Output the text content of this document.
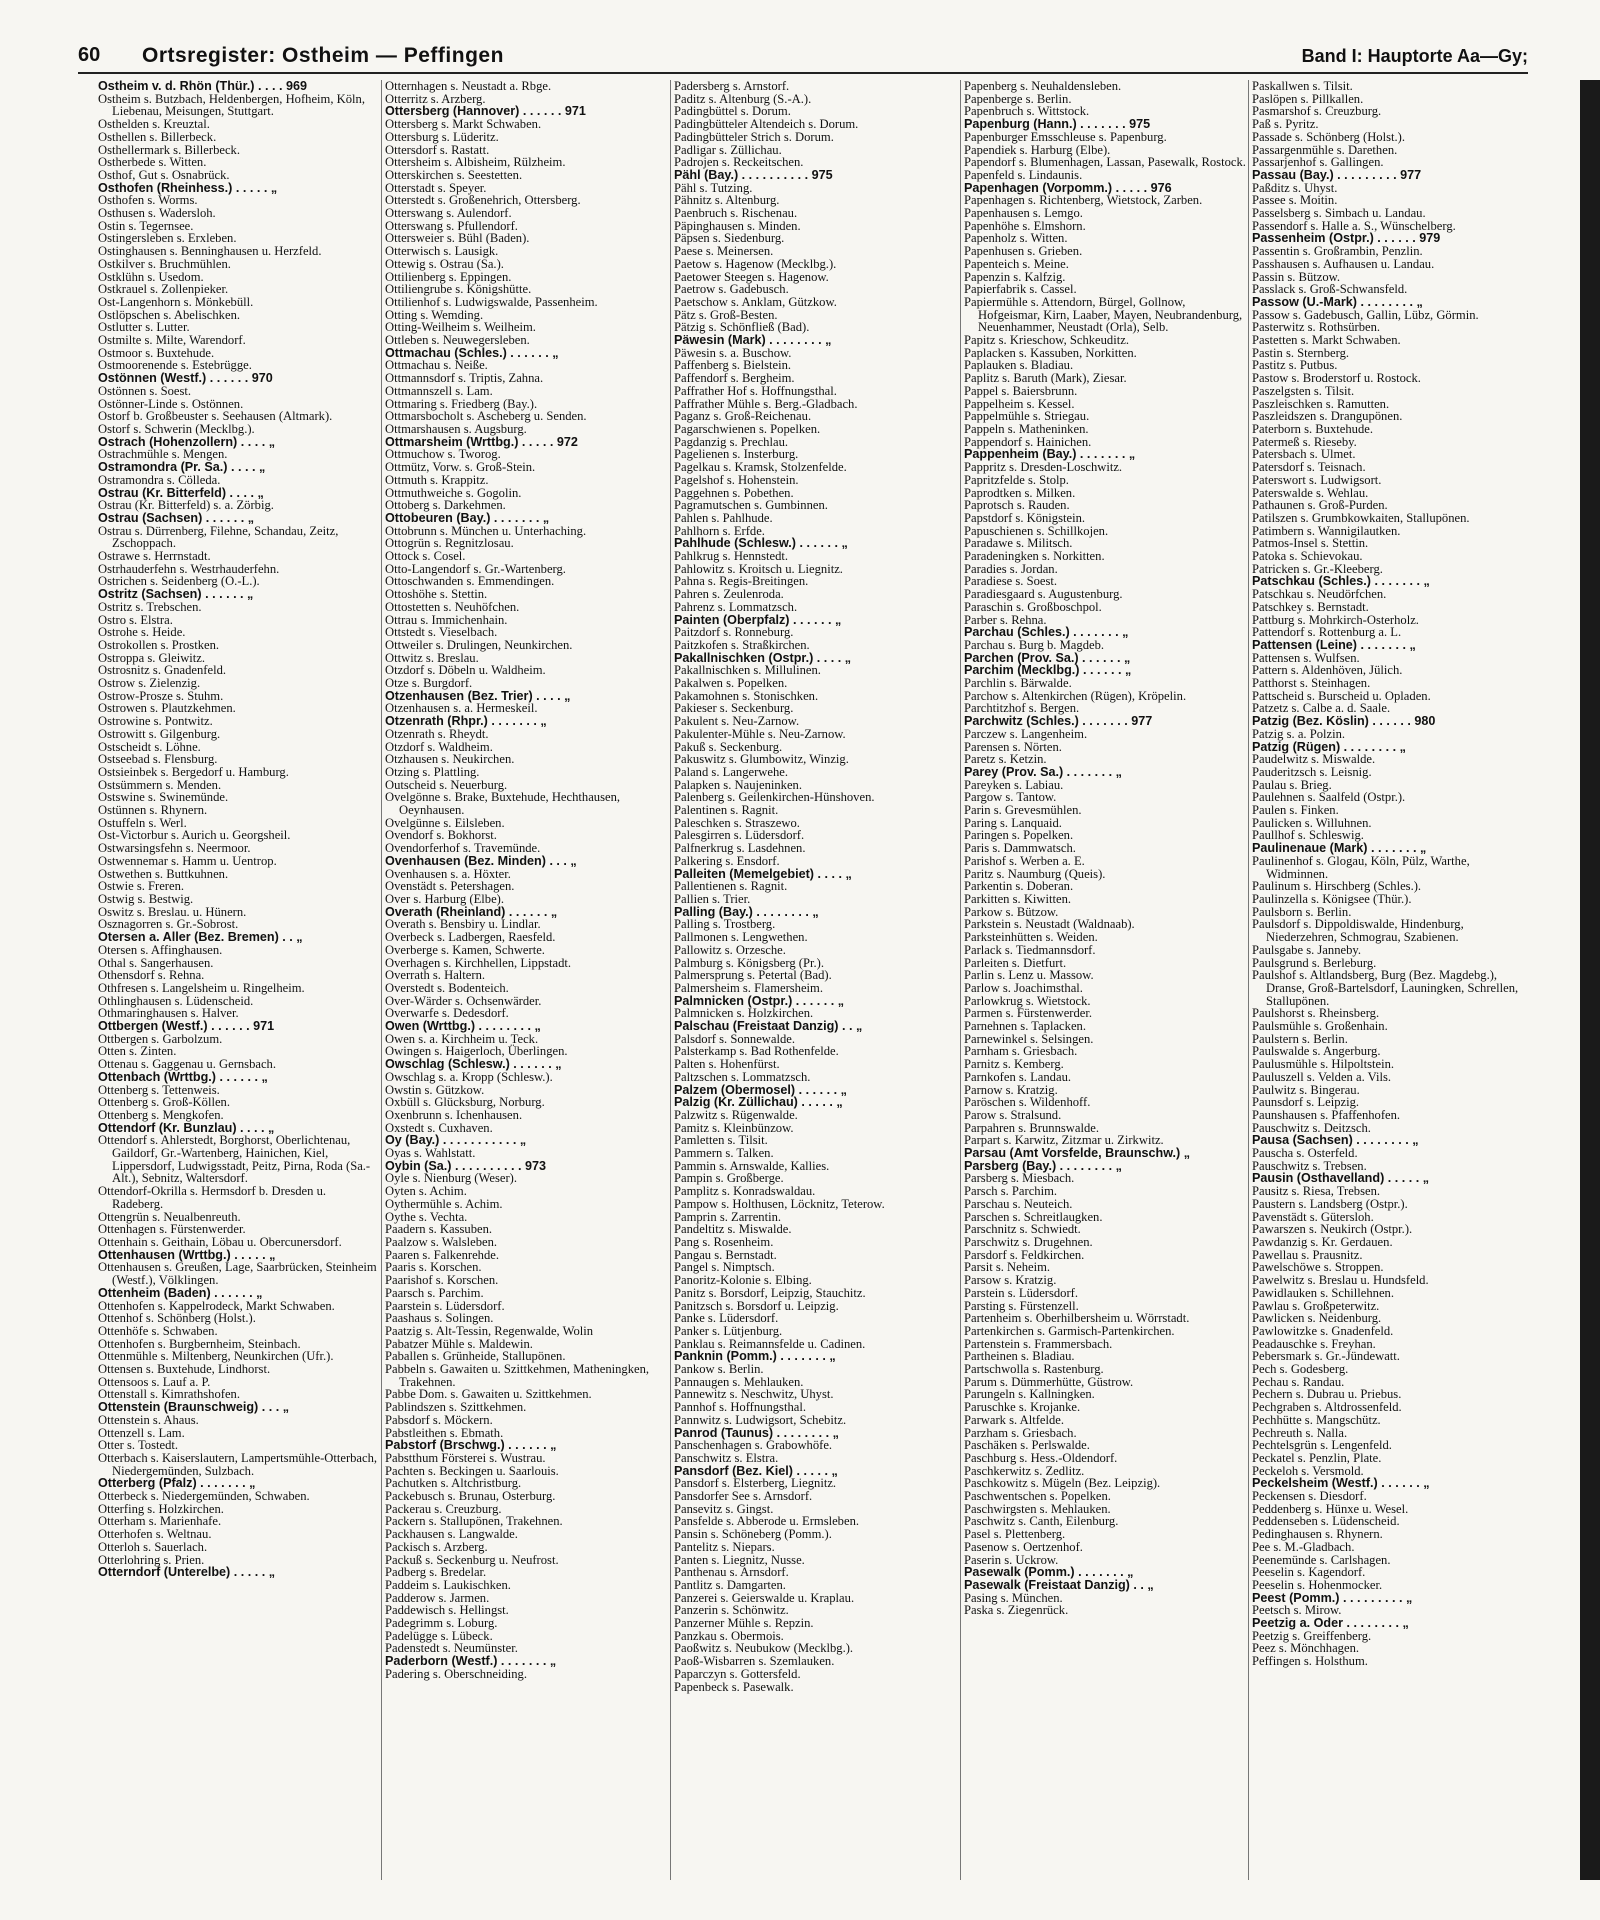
60 Ortsregister: Ostheim — Peffingen	Band I: Hauptorte Aa—Gy;
Ostheim v. d. Rhön (Thür.) . . . . 969
Ostheim s. Butzbach, Heldenbergen, Hofheim, Köln, Liebenau, Meisungen, Stuttgart.
Osthelden s. Kreuztal.
Osthellen s. Billerbeck.
Osthellermark s. Billerbeck.
Ostherbede s. Witten.
Osthof, Gut s. Osnabrück.
Osthofen (Rheinhess.) . . . . . „
Osthofen s. Worms.
Osthusen s. Wadersloh.
Ostin s. Tegernsee.
Ostingersleben s. Erxleben.
Ostinghausen s. Benninghausen u. Herzfeld.
Ostkilver s. Bruchmühlen.
Ostklühn s. Usedom.
Ostkrauel s. Zollenpieker.
Ost-Langenhorn s. Mönkebüll.
Ostlöpschen s. Abelischken.
Ostlutter s. Lutter.
Ostmilte s. Milte, Warendorf.
Ostmoor s. Buxtehude.
Ostmoorenende s. Estebrügge.
Ostönnen (Westf.) . . . . . . 970
Ostönnen s. Soest.
Ostönner-Linde s. Ostönnen.
Ostorf b. Großbeuster s. Seehausen (Altmark).
Ostorf s. Schwerin (Mecklbg.).
Ostrach (Hohenzollern) . . . . „
Ostrachmühle s. Mengen.
Ostramondra (Pr. Sa.) . . . . „
Ostramondra s. Cölleda.
Ostrau (Kr. Bitterfeld) . . . . „
Ostrau (Kr. Bitterfeld) s. a. Zörbig.
Ostrau (Sachsen) . . . . . . „
Ostrau s. Dürrenberg, Filehne, Schandau, Zeitz, Zschoppach.
Ostrawe s. Herrnstadt.
Ostrhauderfehn s. Westrhauderfehn.
Ostrichen s. Seidenberg (O.-L.).
Ostritz (Sachsen) . . . . . . „
Ostritz s. Trebschen.
Ostro s. Elstra.
Ostrohe s. Heide.
Ostrokollen s. Prostken.
Ostroppa s. Gleiwitz.
Ostrosnitz s. Gnadenfeld.
Ostrow s. Zielenzig.
Ostrow-Prosze s. Stuhm.
Ostrowen s. Plautzkehmen.
Ostrowine s. Pontwitz.
Ostrowitt s. Gilgenburg.
Ostscheidt s. Löhne.
Ostseebad s. Flensburg.
Ostsieinbek s. Bergedorf u. Hamburg.
Ostsümmern s. Menden.
Ostswine s. Swinemünde.
Ostünnen s. Rhynern.
Ostuffeln s. Werl.
Ost-Victorbur s. Aurich u. Georgsheil.
Ostwarsingsfehn s. Neermoor.
Ostwennemar s. Hamm u. Uentrop.
Ostwethen s. Buttkuhnen.
Ostwie s. Freren.
Ostwig s. Bestwig.
Oswitz s. Breslau. u. Hünern.
Osznagorren s. Gr.-Sobrost.
Otersen a. Aller (Bez. Bremen) . . „
Otersen s. Affinghausen.
Othal s. Sangerhausen.
Othensdorf s. Rehna.
Othfresen s. Langelsheim u. Ringelheim.
Othlinghausen s. Lüdenscheid.
Othmaringhausen s. Halver.
Ottbergen (Westf.) . . . . . . 971
Ottbergen s. Garbolzum.
Otten s. Zinten.
Ottenau s. Gaggenau u. Gernsbach.
Ottenbach (Wrttbg.) . . . . . . „
Ottenberg s. Tettenweis.
Ottenberg s. Groß-Köllen.
Ottenberg s. Mengkofen.
Ottendorf (Kr. Bunzlau) . . . . „
Ottendorf s. Ahlerstedt, Borghorst, Oberlichtenau, Gaildorf, Gr.-Wartenberg, Hainichen, Kiel, Lippersdorf, Ludwigsstadt, Peitz, Pirna, Roda (Sa.-Alt.), Sebnitz, Waltersdorf.
Ottendorf-Okrilla s. Hermsdorf b. Dresden u. Radeberg.
Ottengrün s. Neualbenreuth.
Ottenhagen s. Fürstenwerder.
Ottenhain s. Geithain, Löbau u. Obercunersdorf.
Ottenhausen (Wrttbg.) . . . . . „
Ottenhausen s. Greußen, Lage, Saarbrücken, Steinheim (Westf.), Völklingen.
Ottenheim (Baden) . . . . . . „
Ottenhofen s. Kappelrodeck, Markt Schwaben.
Ottenhof s. Schönberg (Holst.).
Ottenhöfe s. Schwaben.
Ottenhofen s. Burgbernheim, Steinbach.
Ottenmühle s. Miltenberg, Neunkirchen (Ufr.).
Ottensen s. Buxtehude, Lindhorst.
Ottensoos s. Lauf a. P.
Ottenstall s. Kimrathshofen.
Ottenstein (Braunschweig) . . . „
Ottenstein s. Ahaus.
Ottenzell s. Lam.
Otter s. Tostedt.
Otterbach s. Kaiserslautern, Lampertsmühle-Otterbach, Niedergemünden, Sulzbach.
Otterberg (Pfalz) . . . . . . . „
Otterbeck s. Niedergemünden, Schwaben.
Otterfing s. Holzkirchen.
Otterham s. Marienhafe.
Otterhofen s. Weltnau.
Otterloh s. Sauerlach.
Otterlohring s. Prien.
Otterndorf (Unterelbe) . . . . . „
Otternhagen s. Neustadt a. Rbge.
Otterritz s. Arzberg.
Ottersberg (Hannover) . . . . . . 971
Ottersberg s. Markt Schwaben.
Ottersburg s. Lüderitz.
Ottersdorf s. Rastatt.
Ottersheim s. Albisheim, Rülzheim.
Otterskirchen s. Seestetten.
Otterstadt s. Speyer.
Otterstedt s. Großenehrich, Ottersberg.
Otterswang s. Aulendorf.
Otterswang s. Pfullendorf.
Ottersweier s. Bühl (Baden).
Otterwisch s. Lausigk.
Ottewig s. Ostrau (Sa.).
Ottilienberg s. Eppingen.
Ottiliengrube s. Königshütte.
Ottilienhof s. Ludwigswalde, Passenheim.
Otting s. Wemding.
Otting-Weilheim s. Weilheim.
Ottleben s. Neuwegersleben.
Ottmachau (Schles.) . . . . . . „
Ottmachau s. Neiße.
Ottmannsdorf s. Triptis, Zahna.
Ottmannszell s. Lam.
Ottmaring s. Friedberg (Bay.).
Ottmarsbocholt s. Ascheberg u. Senden.
Ottmarshausen s. Augsburg.
Ottmarsheim (Wrttbg.) . . . . . 972
Ottmuchow s. Tworog.
Ottmütz, Vorw. s. Groß-Stein.
Ottmuth s. Krappitz.
Ottmuthweiche s. Gogolin.
Ottoberg s. Darkehmen.
Ottobeuren (Bay.) . . . . . . . „
Ottobrunn s. München u. Unterhaching.
Ottogrün s. Regnitzlosau.
Ottock s. Cosel.
Otto-Langendorf s. Gr.-Wartenberg.
Ottoschwanden s. Emmendingen.
Ottoshöhe s. Stettin.
Ottostetten s. Neuhöfchen.
Ottrau s. Immichenhain.
Ottstedt s. Vieselbach.
Ottweiler s. Drulingen, Neunkirchen.
Ottwitz s. Breslau.
Otzdorf s. Döbeln u. Waldheim.
Otze s. Burgdorf.
Otzenhausen (Bez. Trier) . . . . „
Otzenhausen s. a. Hermeskeil.
Otzenrath (Rhpr.) . . . . . . . „
Otzenrath s. Rheydt.
Otzdorf s. Waldheim.
Otzhausen s. Neukirchen.
Otzing s. Plattling.
Outscheid s. Neuerburg.
Ovelgönne s. Brake, Buxtehude, Hechthausen, Oeynhausen.
Ovelgünne s. Eilsleben.
Ovendorf s. Bokhorst.
Ovendorferhof s. Travemünde.
Ovenhausen (Bez. Minden) . . . „
Ovenhausen s. a. Höxter.
Ovenstädt s. Petershagen.
Over s. Harburg (Elbe).
Overath (Rheinland) . . . . . . „
Overath s. Bensbiry u. Lindlar.
Overbeck s. Ladbergen, Raesfeld.
Overberge s. Kamen, Schwerte.
Overhagen s. Kirchhellen, Lippstadt.
Overrath s. Haltern.
Overstedt s. Bodenteich.
Over-Wärder s. Ochsenwärder.
Overwarfe s. Dedesdorf.
Owen (Wrttbg.) . . . . . . . . „
Owen s. a. Kirchheim u. Teck.
Owingen s. Haigerloch, Überlingen.
Owschlag (Schlesw.) . . . . . . „
Owschlag s. a. Kropp (Schlesw.).
Owstin s. Gützkow.
Oxbüll s. Glücksburg, Norburg.
Oxenbrunn s. Ichenhausen.
Oxstedt s. Cuxhaven.
Oy (Bay.) . . . . . . . . . . . „
Oyas s. Wahlstatt.
Oybin (Sa.) . . . . . . . . . . 973
Oyle s. Nienburg (Weser).
Oyten s. Achim.
Oythermühle s. Achim.
Oythe s. Vechta.
Paadern s. Kassuben.
Paalzow s. Walsleben.
Paaren s. Falkenrehde.
Paaris s. Korschen.
Paarishof s. Korschen.
Paarsch s. Parchim.
Paarstein s. Lüdersdorf.
Paashaus s. Solingen.
Paatzig s. Alt-Tessin, Regenwalde, Wolin
Pabatzer Mühle s. Maldewin.
Paballen s. Grünheide, Stallupönen.
Pabbeln s. Gawaiten u. Szittkehmen, Matheningken, Trakehnen.
Pabbe Dom. s. Gawaiten u. Szittkehmen.
Pablindszen s. Szittkehmen.
Pabsdorf s. Möckern.
Pabstleithen s. Ebmath.
Pabstorf (Brschwg.) . . . . . . „
Pabstthum Försterei s. Wustrau.
Pachten s. Beckingen u. Saarlouis.
Pachutken s. Altchristburg.
Packebusch s. Brunau, Osterburg.
Packerau s. Creuzburg.
Packern s. Stallupönen, Trakehnen.
Packhausen s. Langwalde.
Packisch s. Arzberg.
Packuß s. Seckenburg u. Neufrost.
Padberg s. Bredelar.
Paddeim s. Laukischken.
Padderow s. Jarmen.
Paddewisch s. Hellingst.
Padegrimm s. Loburg.
Padelügge s. Lübeck.
Padenstedt s. Neumünster.
Paderborn (Westf.) . . . . . . . „
Padering s. Oberschneiding.
Padersberg s. Arnstorf.
Paditz s. Altenburg (S.-A.).
Padingbüttel s. Dorum.
Padingbütteler Altendeich s. Dorum.
Padingbütteler Strich s. Dorum.
Padligar s. Züllichau.
Padrojen s. Reckeitschen.
Pähl (Bay.) . . . . . . . . . . 975
Pähl s. Tutzing.
Pähnitz s. Altenburg.
Paenbruch s. Rischenau.
Päpinghausen s. Minden.
Päpsen s. Siedenburg.
Paese s. Meinersen.
Paetow s. Hagenow (Mecklbg.).
Paetower Steegen s. Hagenow.
Paetrow s. Gadebusch.
Paetschow s. Anklam, Gützkow.
Pätz s. Groß-Besten.
Pätzig s. Schönfließ (Bad).
Päwesin (Mark) . . . . . . . . „
Päwesin s. a. Buschow.
Paffenberg s. Bielstein.
Paffendorf s. Bergheim.
Paffrather Hof s. Hoffnungsthal.
Paffrather Mühle s. Berg.-Gladbach.
Paganz s. Groß-Reichenau.
Pagarschwienen s. Popelken.
Pagdanzig s. Prechlau.
Pagelienen s. Insterburg.
Pagelkau s. Kramsk, Stolzenfelde.
Pagelshof s. Hohenstein.
Paggehnen s. Pobethen.
Pagramutschen s. Gumbinnen.
Pahlen s. Pahlhude.
Pahlhorn s. Erfde.
Pahlhude (Schlesw.) . . . . . . „
Pahlkrug s. Hennstedt.
Pahlowitz s. Kroitsch u. Liegnitz.
Pahna s. Regis-Breitingen.
Pahren s. Zeulenroda.
Pahrenz s. Lommatzsch.
Painten (Oberpfalz) . . . . . . „
Paitzdorf s. Ronneburg.
Paitzkofen s. Straßkirchen.
Pakallnischken (Ostpr.) . . . . „
Pakallnischken s. Millulinen.
Pakalwen s. Popelken.
Pakamohnen s. Stonischken.
Pakieser s. Seckenburg.
Pakulent s. Neu-Zarnow.
Pakulenter-Mühle s. Neu-Zarnow.
Pakuß s. Seckenburg.
Pakuswitz s. Glumbowitz, Winzig.
Paland s. Langerwehe.
Palapken s. Naujeninken.
Palenberg s. Geilenkirchen-Hünshoven.
Palentinen s. Ragnit.
Paleschken s. Straszewo.
Palesgirren s. Lüdersdorf.
Palfnerkrug s. Lasdehnen.
Palkering s. Ensdorf.
Palleiten (Memelgebiet) . . . . „
Pallentienen s. Ragnit.
Pallien s. Trier.
Palling (Bay.) . . . . . . . . „
Palling s. Trostberg.
Pallmonen s. Lengwethen.
Pallowitz s. Orzesche.
Palmburg s. Königsberg (Pr.).
Palmersprung s. Petertal (Bad).
Palmersheim s. Flamersheim.
Palmnicken (Ostpr.) . . . . . . „
Palmnicken s. Holzkirchen.
Palschau (Freistaat Danzig) . . „
Palsdorf s. Sonnewalde.
Palsterkamp s. Bad Rothenfelde.
Palten s. Hohenfürst.
Paltzschen s. Lommatzsch.
Palzem (Obermosel) . . . . . . „
Palzig (Kr. Züllichau) . . . . . „
Palzwitz s. Rügenwalde.
Pamitz s. Kleinbünzow.
Pamletten s. Tilsit.
Pammern s. Talken.
Pammin s. Arnswalde, Kallies.
Pampin s. Großberge.
Pamplitz s. Konradswaldau.
Pampow s. Holthusen, Löcknitz, Teterow.
Pamprin s. Zarrentin.
Pandeltitz s. Miswalde.
Pang s. Rosenheim.
Pangau s. Bernstadt.
Pangel s. Nimptsch.
Panoritz-Kolonie s. Elbing.
Panitz s. Borsdorf, Leipzig, Stauchitz.
Panitzsch s. Borsdorf u. Leipzig.
Panke s. Lüdersdorf.
Panker s. Lütjenburg.
Panklau s. Reimannsfelde u. Cadinen.
Panknin (Pomm.) . . . . . . . „
Pankow s. Berlin.
Pannaugen s. Mehlauken.
Pannewitz s. Neschwitz, Uhyst.
Pannhof s. Hoffnungsthal.
Pannwitz s. Ludwigsort, Schebitz.
Panrod (Taunus) . . . . . . . . „
Panschenhagen s. Grabowhöfe.
Panschwitz s. Elstra.
Pansdorf (Bez. Kiel) . . . . . „
Pansdorf s. Elsterberg, Liegnitz.
Pansdorfer See s. Arnsdorf.
Pansevitz s. Gingst.
Pansfelde s. Abberode u. Ermsleben.
Pansin s. Schöneberg (Pomm.).
Pantelitz s. Niepars.
Panten s. Liegnitz, Nusse.
Panthenau s. Arnsdorf.
Pantlitz s. Damgarten.
Panzerei s. Geierswalde u. Kraplau.
Panzerin s. Schönwitz.
Panzerner Mühle s. Repzin.
Panzkau s. Obermois.
Paoßwitz s. Neubukow (Mecklbg.).
Paoß-Wisbarren s. Szemlauken.
Paparczyn s. Gottersfeld.
Papenbeck s. Pasewalk.
Papenberg s. Neuhaldensleben.
Papenberge s. Berlin.
Papenbruch s. Wittstock.
Papenburg (Hann.) . . . . . . . 975
Papenburger Emsschleuse s. Papenburg.
Papendiek s. Harburg (Elbe).
Papendorf s. Blumenhagen, Lassan, Pasewalk, Rostock.
Papenfeld s. Lindaunis.
Papenhagen (Vorpomm.) . . . . . 976
Papenhagen s. Richtenberg, Wietstock, Zarben.
Papenhausen s. Lemgo.
Papenhöhe s. Elmshorn.
Papenholz s. Witten.
Papenhusen s. Grieben.
Papenteich s. Meine.
Papenzin s. Kalfzig.
Papierfabrik s. Cassel.
Papiermühle s. Attendorn, Bürgel, Gollnow, Hofgeismar, Kirn, Laaber, Mayen, Neubrandenburg, Neuenhammer, Neustadt (Orla), Selb.
Papitz s. Krieschow, Schkeuditz.
Paplacken s. Kassuben, Norkitten.
Paplauken s. Bladiau.
Paplitz s. Baruth (Mark), Ziesar.
Pappel s. Baiersbrunn.
Pappelheim s. Kessel.
Pappelmühle s. Striegau.
Pappeln s. Matheninken.
Pappendorf s. Hainichen.
Pappenheim (Bay.) . . . . . . . „
Pappritz s. Dresden-Loschwitz.
Papritzfelde s. Stolp.
Paprodtken s. Milken.
Paprotsch s. Rauden.
Papstdorf s. Königstein.
Papuschienen s. Schillkojen.
Paradawe s. Militsch.
Paradeningken s. Norkitten.
Paradies s. Jordan.
Paradiese s. Soest.
Paradiesgaard s. Augustenburg.
Paraschin s. Großboschpol.
Parber s. Rehna.
Parchau (Schles.) . . . . . . . „
Parchau s. Burg b. Magdeb.
Parchen (Prov. Sa.) . . . . . . „
Parchim (Mecklbg.) . . . . . . „
Parchlin s. Bärwalde.
Parchow s. Altenkirchen (Rügen), Kröpelin.
Parchtitzhof s. Bergen.
Parchwitz (Schles.) . . . . . . . 977
Parczew s. Langenheim.
Parensen s. Nörten.
Paretz s. Ketzin.
Parey (Prov. Sa.) . . . . . . . „
Pareyken s. Labiau.
Pargow s. Tantow.
Parin s. Grevesmühlen.
Paring s. Lanquaid.
Paringen s. Popelken.
Paris s. Dammwatsch.
Parishof s. Werben a. E.
Paritz s. Naumburg (Queis).
Parkentin s. Doberan.
Parkitten s. Kiwitten.
Parkow s. Bützow.
Parkstein s. Neustadt (Waldnaab).
Parksteinhütten s. Weiden.
Parlack s. Tiedmannsdorf.
Parleiten s. Dietfurt.
Parlin s. Lenz u. Massow.
Parlow s. Joachimsthal.
Parlowkrug s. Wietstock.
Parmen s. Fürstenwerder.
Parnehnen s. Taplacken.
Parnewinkel s. Selsingen.
Parnham s. Griesbach.
Parnitz s. Kemberg.
Parnkofen s. Landau.
Parnow s. Kratzig.
Paröschen s. Wildenhoff.
Parow s. Stralsund.
Parpahren s. Brunnswalde.
Parpart s. Karwitz, Zitzmar u. Zirkwitz.
Parsau (Amt Vorsfelde, Braunschw.) „
Parsberg (Bay.) . . . . . . . . „
Parsberg s. Miesbach.
Parsch s. Parchim.
Parschau s. Neuteich.
Parschen s. Schreitlaugken.
Parschnitz s. Schwiedt.
Parschwitz s. Drugehnen.
Parsdorf s. Feldkirchen.
Parsit s. Neheim.
Parsow s. Kratzig.
Parstein s. Lüdersdorf.
Parsting s. Fürstenzell.
Partenheim s. Oberhilbersheim u. Wörrstadt.
Partenkirchen s. Garmisch-Partenkirchen.
Partenstein s. Frammersbach.
Partheinen s. Bladiau.
Partschwolla s. Rastenburg.
Parum s. Dümmerhütte, Güstrow.
Parungeln s. Kallningken.
Paruschke s. Krojanke.
Parwark s. Altfelde.
Parzham s. Griesbach.
Paschäken s. Perlswalde.
Paschburg s. Hess.-Oldendorf.
Paschkerwitz s. Zedlitz.
Paschkowitz s. Mügeln (Bez. Leipzig).
Paschwentschen s. Popelken.
Paschwirgsten s. Mehlauken.
Paschwitz s. Canth, Eilenburg.
Pasel s. Plettenberg.
Pasenow s. Oertzenhof.
Paserin s. Uckrow.
Pasewalk (Pomm.) . . . . . . . „
Pasewalk (Freistaat Danzig) . . „
Pasing s. München.
Paska s. Ziegenrück.
Paskallwen s. Tilsit.
Paslöpen s. Pillkallen.
Pasmarshof s. Creuzburg.
Paß s. Pyritz.
Passade s. Schönberg (Holst.).
Passargenmühle s. Darethen.
Passarjenhof s. Gallingen.
Passau (Bay.) . . . . . . . . . 977
Paßditz s. Uhyst.
Passee s. Moitin.
Passelsberg s. Simbach u. Landau.
Passendorf s. Halle a. S., Wünschelberg.
Passenheim (Ostpr.) . . . . . . 979
Passentin s. Großrambin, Penzlin.
Passhausen s. Aufhausen u. Landau.
Passin s. Bützow.
Passlack s. Groß-Schwansfeld.
Passow (U.-Mark) . . . . . . . . „
Passow s. Gadebusch, Gallin, Lübz, Görmin.
Pasterwitz s. Rothsürben.
Pastetten s. Markt Schwaben.
Pastin s. Sternberg.
Pastitz s. Putbus.
Pastow s. Broderstorf u. Rostock.
Paszelgsten s. Tilsit.
Paszleischken s. Ramutten.
Paszleidszen s. Drangupönen.
Paterborn s. Buxtehude.
Patermeß s. Rieseby.
Patersbach s. Ulmet.
Patersdorf s. Teisnach.
Paterswort s. Ludwigsort.
Paterswalde s. Wehlau.
Pathaunen s. Groß-Purden.
Patilszen s. Grumbkowkaiten, Stallupönen.
Patimbern s. Wannigilautken.
Patmos-Insel s. Stettin.
Patoka s. Schievokau.
Patricken s. Gr.-Kleeberg.
Patschkau (Schles.) . . . . . . . „
Patschkau s. Neudörfchen.
Patschkey s. Bernstadt.
Pattburg s. Mohrkirch-Osterholz.
Pattendorf s. Rottenburg a. L.
Pattensen (Leine) . . . . . . . „
Pattensen s. Wulfsen.
Pattern s. Aldenhöven, Jülich.
Patthorst s. Steinhagen.
Pattscheid s. Burscheid u. Opladen.
Patzetz s. Calbe a. d. Saale.
Patzig (Bez. Köslin) . . . . . . 980
Patzig s. a. Polzin.
Patzig (Rügen) . . . . . . . . „
Paudelwitz s. Miswalde.
Pauderitzsch s. Leisnig.
Paulau s. Brieg.
Paulehnen s. Saalfeld (Ostpr.).
Paulen s. Finken.
Paulicken s. Willuhnen.
Paullhof s. Schleswig.
Paulinenaue (Mark) . . . . . . . „
Paulinenhof s. Glogau, Köln, Pülz, Warthe, Widminnen.
Paulinum s. Hirschberg (Schles.).
Paulinzella s. Königsee (Thür.).
Paulsborn s. Berlin.
Paulsdorf s. Dippoldiswalde, Hindenburg, Niederzehren, Schmograu, Szabienen.
Paulsgabe s. Janneby.
Paulsgrund s. Berleburg.
Paulshof s. Altlandsberg, Burg (Bez. Magdebg.), Dranse, Groß-Bartelsdorf, Launingken, Schrellen, Stallupönen.
Paulshorst s. Rheinsberg.
Paulsmühle s. Großenhain.
Paulstern s. Berlin.
Paulswalde s. Angerburg.
Paulusmühle s. Hilpoltstein.
Pauluszell s. Velden a. Vils.
Paulwitz s. Bingerau.
Paunsdorf s. Leipzig.
Paunshausen s. Pfaffenhofen.
Pauschwitz s. Deitzsch.
Pausa (Sachsen) . . . . . . . . „
Pauscha s. Osterfeld.
Pauschwitz s. Trebsen.
Pausin (Osthavelland) . . . . . „
Pausitz s. Riesa, Trebsen.
Paustern s. Landsberg (Ostpr.).
Pavenstädt s. Gütersloh.
Pawarszen s. Neukirch (Ostpr.).
Pawdanzig s. Kr. Gerdauen.
Pawellau s. Prausnitz.
Pawelschöwe s. Stroppen.
Pawelwitz s. Breslau u. Hundsfeld.
Pawidlauken s. Schillehnen.
Pawlau s. Großpeterwitz.
Pawlicken s. Neidenburg.
Pawlowitzke s. Gnadenfeld.
Peadauschke s. Freyhan.
Pebersmark s. Gr.-Jündewatt.
Pech s. Godesberg.
Pechau s. Randau.
Pechern s. Dubrau u. Priebus.
Pechgraben s. Altdrossenfeld.
Pechhütte s. Mangschütz.
Pechreuth s. Nalla.
Pechtelsgrün s. Lengenfeld.
Peckatel s. Penzlin, Plate.
Peckeloh s. Versmold.
Peckelsheim (Westf.) . . . . . . „
Peckensen s. Diesdorf.
Peddenberg s. Hünxe u. Wesel.
Peddenseben s. Lüdenscheid.
Pedinghausen s. Rhynern.
Pee s. M.-Gladbach.
Peenemünde s. Carlshagen.
Peeselin s. Kagendorf.
Peeselin s. Hohenmocker.
Peest (Pomm.) . . . . . . . . . „
Peetsch s. Mirow.
Peetzig a. Oder . . . . . . . . „
Peetzig s. Greiffenberg.
Peez s. Mönchhagen.
Peffingen s. Holsthum.
